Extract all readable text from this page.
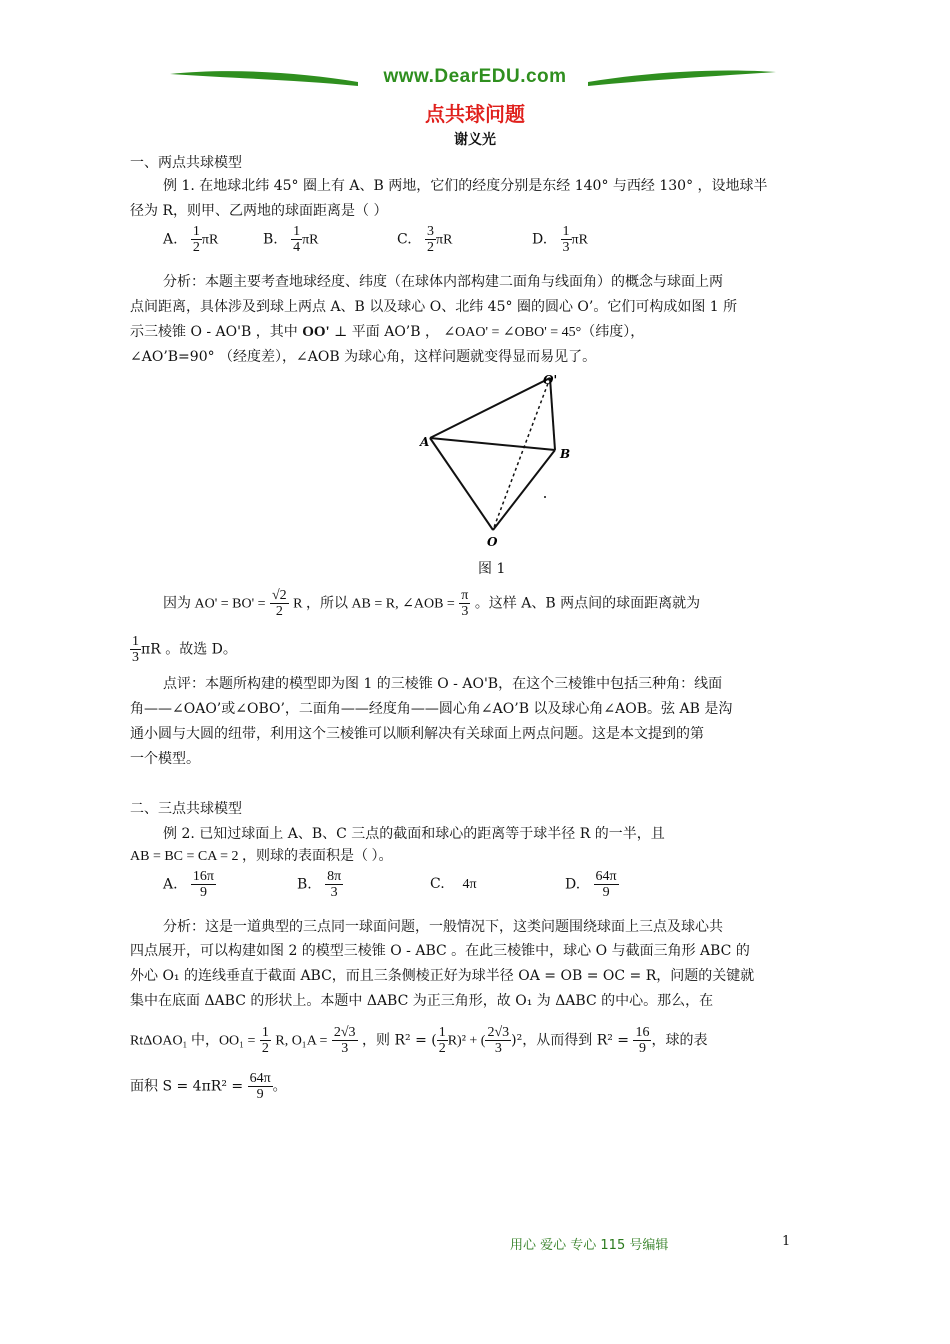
www.DearEDU.com
点共球问题
谢义光
一、两点共球模型
例 1. 在地球北纬 45° 圈上有 A、B 两地，它们的经度分别是东经 140° 与西经 130° ，设地球半
径为 R，则甲、乙两地的球面距离是（ ）
A. $\frac{1}{2}$ πR	B. $\frac{1}{4}$ πR	C. $\frac{3}{2}$ πR	D. $\frac{1}{3}$ πR
分析：本题主要考查地球经度、纬度（在球体内部构建二面角与线面角）的概念与球面上两
点间距离，具体涉及到球上两点 A、B 以及球心 O、北纬 45° 圈的圆心 O’。它们可构成如图 1 所
示三棱锥 O - AO'B ，其中 OO' ⊥ 平面 AO’B ， ∠OAO' = ∠OBO' = 45°（纬度），
∠AO’B=90° （经度差），∠AOB 为球心角，这样问题就变得显而易见了。
O'
A
B
O
图 1
因为 $AO' = BO' = \frac{√2}{2}$ R ，所以 AB = R, ∠AOB = $\frac{\pi}{3}$ 。这样 A、B 两点间的球面距离就为
$\frac{1}{3}$ πR 。故选 D。
点评：本题所构建的模型即为图 1 的三棱锥 O - AO'B，在这个三棱锥中包括三种角：线面
角——∠OAO’或∠OBO’，二面角——经度角——圆心角∠AO’B 以及球心角∠AOB。弦 AB 是沟
通小圆与大圆的纽带，利用这个三棱锥可以顺利解决有关球面上两点问题。这是本文提到的第
一个模型。
二、三点共球模型
例 2. 已知过球面上 A、B、C 三点的截面和球心的距离等于球半径 R 的一半，且
AB = BC = CA = 2 ，则球的表面积是（ ）。
A. $\frac{16\pi}{9}$	B. $\frac{8\pi}{3}$	C. 4π	D. $\frac{64\pi}{9}$
分析：这是一道典型的三点同一球面问题，一般情况下，这类问题围绕球面上三点及球心共
四点展开，可以构建如图 2 的模型三棱锥 O - ABC 。在此三棱锥中，球心 O 与截面三角形 ABC 的
外心 O₁ 的连线垂直于截面 ABC，而且三条侧棱正好为球半径 OA = OB = OC = R，问题的关键就
集中在底面 ΔABC 的形状上。本题中 ΔABC 为正三角形，故 O₁ 为 ΔABC 的中心。那么，在
RtΔOAO₁ 中，$OO_1 = \frac{1}{2} R$, $O_1A = \frac{2√3}{3}$ ，则 R² = ( $\frac{1}{2} R)^2$ + ( $\frac{2√3}{3} )^2$，从而得到 $R^2 = \frac{16}{9}$ ，球的表
面积 $S = 4\pi R^2 = \frac{64\pi}{9}$ 。
用心 爱心 专心 115 号编辑	1
